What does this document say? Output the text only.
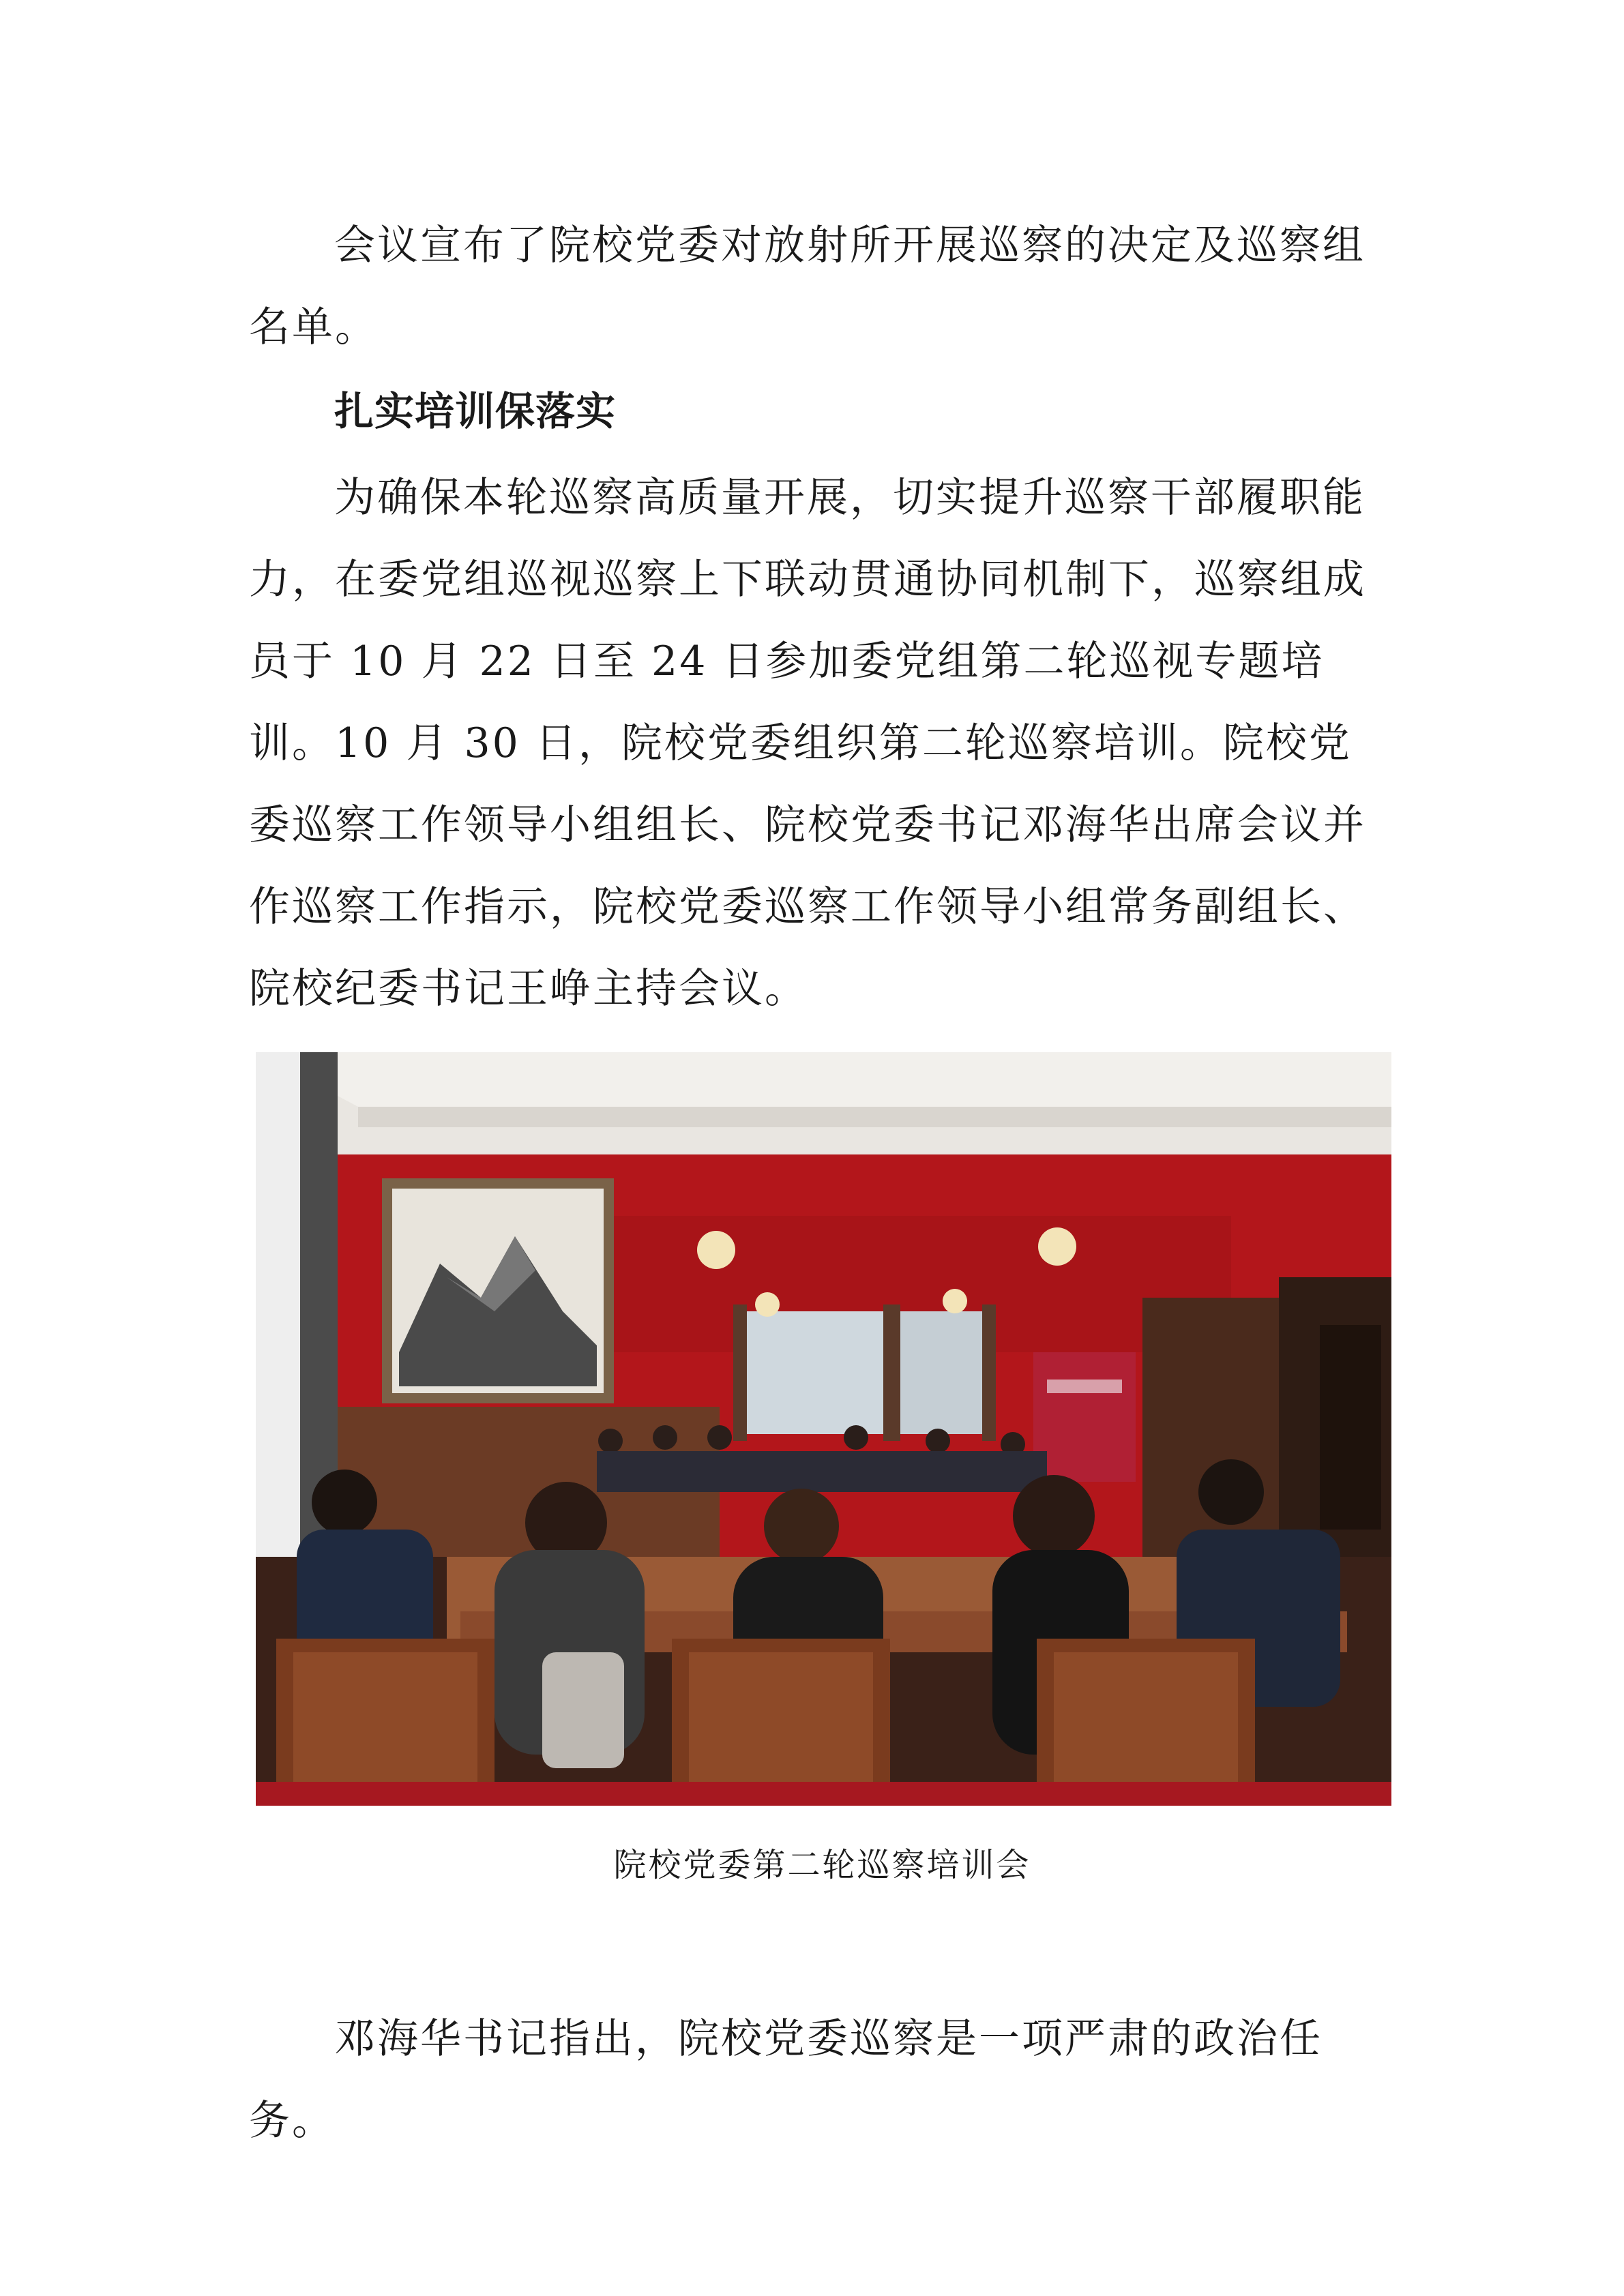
会议宣布了院校党委对放射所开展巡察的决定及巡察组名单。

扎实培训保落实

为确保本轮巡察高质量开展，切实提升巡察干部履职能力，在委党组巡视巡察上下联动贯通协同机制下，巡察组成员于 10 月 22 日至 24 日参加委党组第二轮巡视专题培训。10 月 30 日，院校党委组织第二轮巡察培训。院校党委巡察工作领导小组组长、院校党委书记邓海华出席会议并作巡察工作指示，院校党委巡察工作领导小组常务副组长、院校纪委书记王峥主持会议。

院校党委第二轮巡察培训会

邓海华书记指出，院校党委巡察是一项严肃的政治任务。
